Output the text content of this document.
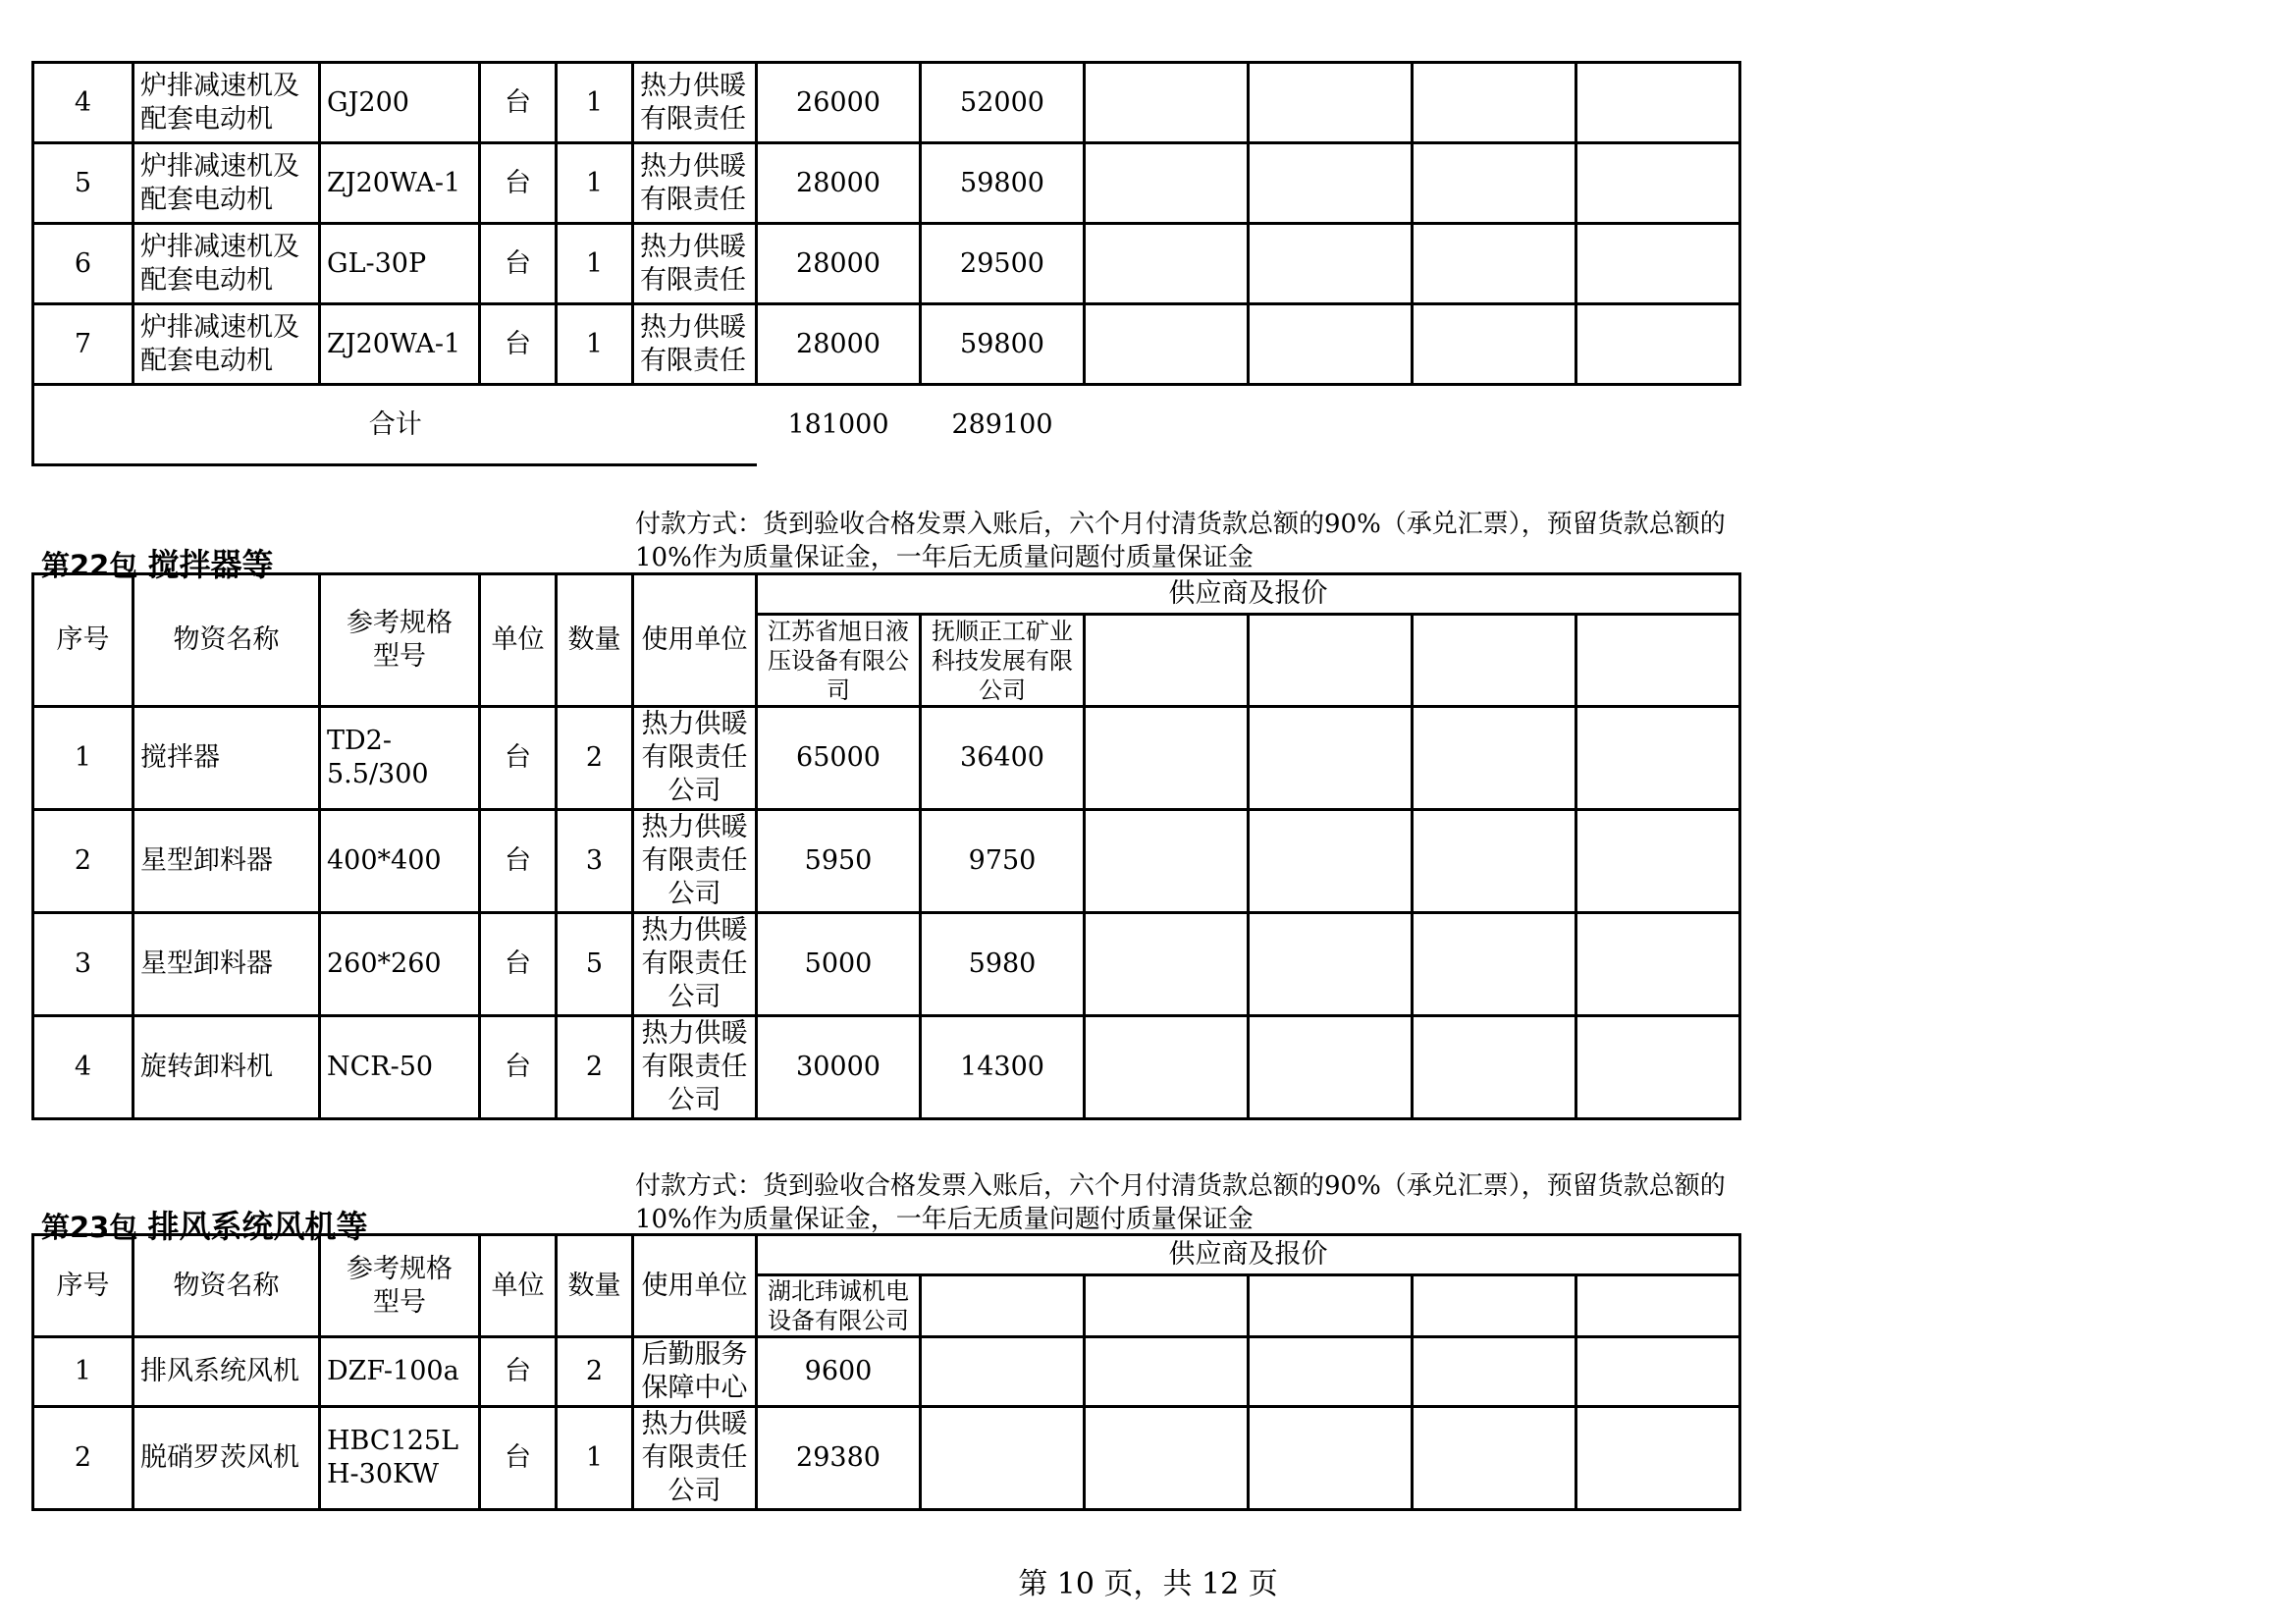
4	炉排减速机及配套电动机	GJ200	台	1	热力供暖有限责任	26000	52000				
5	炉排减速机及配套电动机	ZJ20WA-1	台	1	热力供暖有限责任	28000	59800				
6	炉排减速机及配套电动机	GL-30P	台	1	热力供暖有限责任	28000	29500				
7	炉排减速机及配套电动机	ZJ20WA-1	台	1	热力供暖有限责任	28000	59800				
合计						181000	289100				
付款方式：货到验收合格发票入账后，六个月付清货款总额的90%（承兑汇票），预留货款总额的10%作为质量保证金，一年后无质量问题付质量保证金
第22包 搅拌器等
序号	物资名称	参考规格型号	单位	数量	使用单位	供应商及报价					
						江苏省旭日液压设备有限公司	抚顺正工矿业科技发展有限公司				
1	搅拌器	TD2-5.5/300	台	2	热力供暖有限责任公司	65000	36400				
2	星型卸料器	400*400	台	3	热力供暖有限责任公司	5950	9750				
3	星型卸料器	260*260	台	5	热力供暖有限责任公司	5000	5980				
4	旋转卸料机	NCR-50	台	2	热力供暖有限责任公司	30000	14300				
付款方式：货到验收合格发票入账后，六个月付清货款总额的90%（承兑汇票），预留货款总额的10%作为质量保证金，一年后无质量问题付质量保证金
第23包 排风系统风机等
序号	物资名称	参考规格型号	单位	数量	使用单位	供应商及报价					
						湖北玮诚机电设备有限公司					
1	排风系统风机	DZF-100a	台	2	后勤服务保障中心	9600					
2	脱硝罗茨风机	HBC125LH-30KW	台	1	热力供暖有限责任公司	29380					
第 10 页，共 12 页
